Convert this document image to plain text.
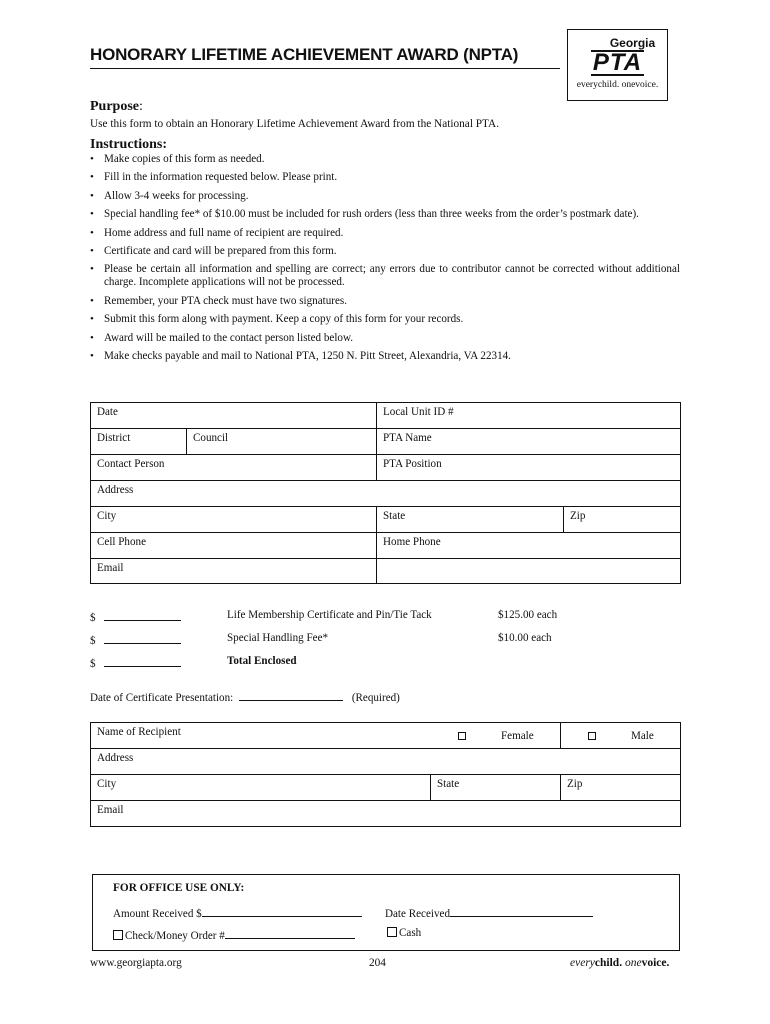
HONORARY LIFETIME ACHIEVEMENT AWARD (NPTA)
Georgia
PTA
everychild. onevoice.
Purpose:
Use this form to obtain an Honorary Lifetime Achievement Award from the National PTA.
Instructions:
• Make copies of this form as needed.
• Fill in the information requested below. Please print.
• Allow 3-4 weeks for processing.
• Special handling fee* of $10.00 must be included for rush orders (less than three weeks from the order’s postmark date).
• Home address and full name of recipient are required.
• Certificate and card will be prepared from this form.
• Please be certain all information and spelling are correct; any errors due to contributor cannot be corrected without additional charge. Incomplete applications will not be processed.
• Remember, your PTA check must have two signatures.
• Submit this form along with payment. Keep a copy of this form for your records.
• Award will be mailed to the contact person listed below.
• Make checks payable and mail to National PTA, 1250 N. Pitt Street, Alexandria, VA 22314.
Date		Local Unit ID #	
District	Council	PTA Name	
Contact Person		PTA Position	
Address			
City		State	Zip
Cell Phone		Home Phone	
Email			
$	Life Membership Certificate and Pin/Tie Tack	$125.00 each
$	Special Handling Fee*	$10.00 each
$	Total Enclosed
Date of Certificate Presentation:	(Required)
Name of Recipient Female		Male

Address		
City	State	Zip
Email		
FOR OFFICE USE ONLY:
Amount Received $	Date Received
Check/Money Order #	Cash
www.georgiapta.org	204	everychild. onevoice.
